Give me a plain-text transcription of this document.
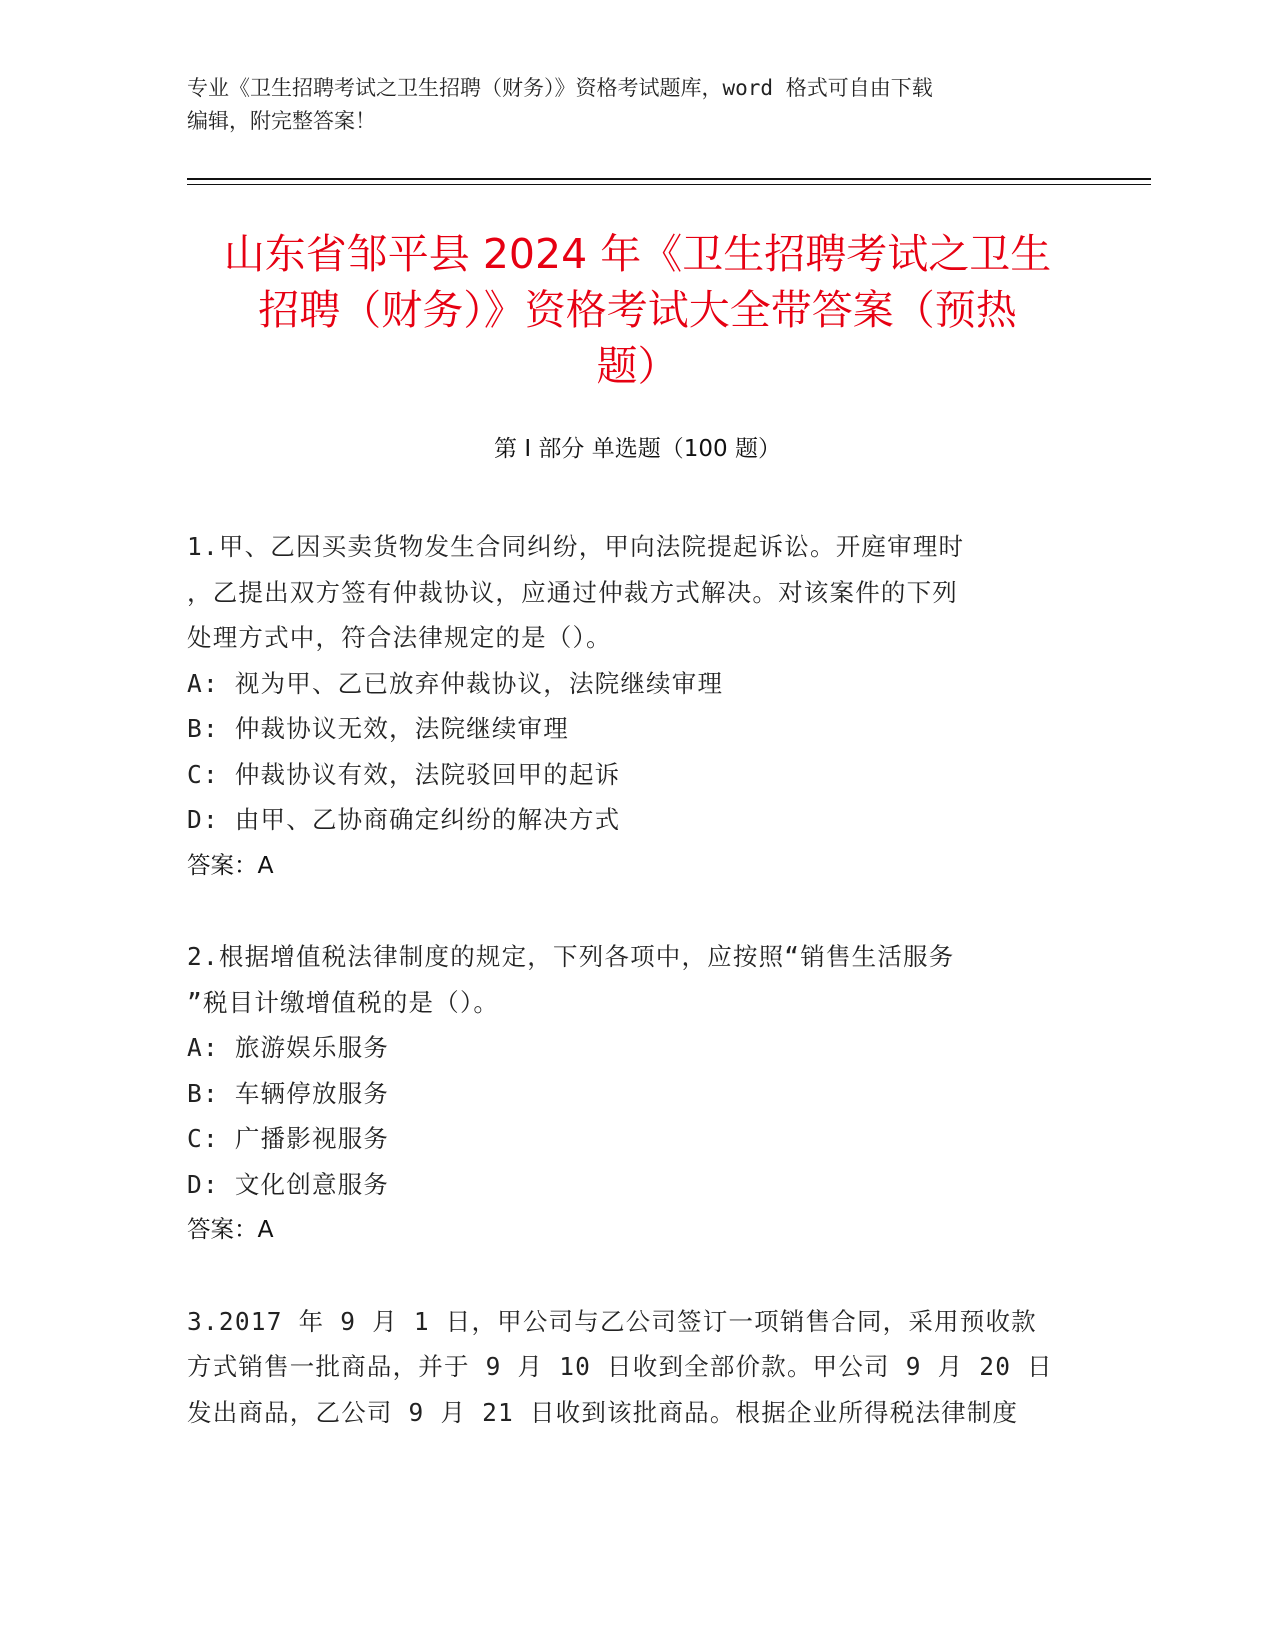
专业《卫生招聘考试之卫生招聘（财务）》资格考试题库，word 格式可自由下载
编辑，附完整答案！
山东省邹平县 2024 年《卫生招聘考试之卫生
招聘（财务）》资格考试大全带答案（预热
题）
第 I 部分 单选题（100 题）
1.甲、乙因买卖货物发生合同纠纷，甲向法院提起诉讼。开庭审理时
，乙提出双方签有仲裁协议，应通过仲裁方式解决。对该案件的下列
处理方式中，符合法律规定的是（）。
A: 视为甲、乙已放弃仲裁协议，法院继续审理
B: 仲裁协议无效，法院继续审理
C: 仲裁协议有效，法院驳回甲的起诉
D: 由甲、乙协商确定纠纷的解决方式
答案：A
2.根据增值税法律制度的规定，下列各项中，应按照“销售生活服务
”税目计缴增值税的是（）。
A: 旅游娱乐服务
B: 车辆停放服务
C: 广播影视服务
D: 文化创意服务
答案：A
3.2017 年 9 月 1 日，甲公司与乙公司签订一项销售合同，采用预收款
方式销售一批商品，并于 9 月 10 日收到全部价款。甲公司 9 月 20 日
发出商品，乙公司 9 月 21 日收到该批商品。根据企业所得税法律制度
